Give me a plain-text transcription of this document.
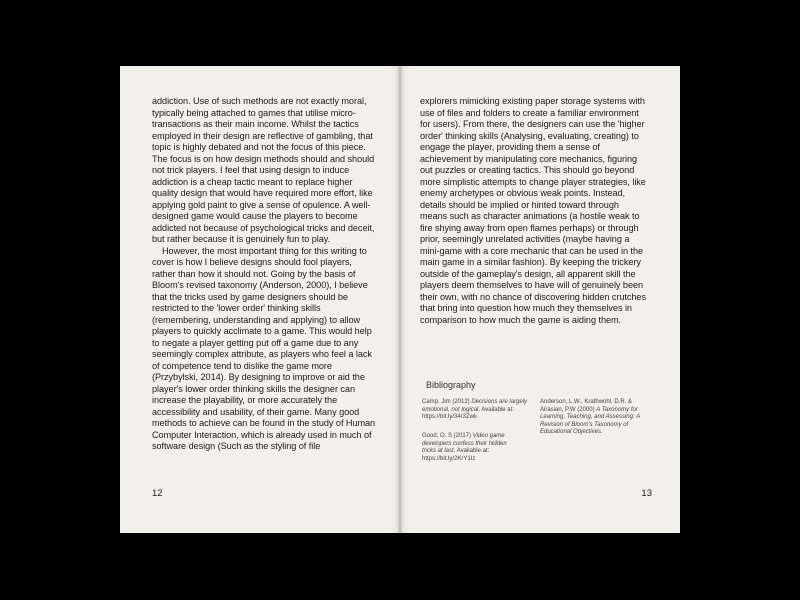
addiction. Use of such methods are not exactly moral, typically being attached to games that utilise micro-transactions as their main income. Whilst the tactics employed in their design are reflective of gambling, that topic is highly debated and not the focus of this piece. The focus is on how design methods should and should not trick players. I feel that using design to induce addiction is a cheap tactic meant to replace higher quality design that would have required more effort, like applying gold paint to give a sense of opulence. A well-designed game would cause the players to become addicted not because of psychological tricks and deceit, but rather because it is genuinely fun to play.

However, the most important thing for this writing to cover is how I believe designs should fool players, rather than how it should not. Going by the basis of Bloom's revised taxonomy (Anderson, 2000), I believe that the tricks used by game designers should be restricted to the 'lower order' thinking skills (remembering, understanding and applying) to allow players to quickly acclimate to a game. This would help to negate a player getting put off a game due to any seemingly complex attribute, as players who feel a lack of competence tend to dislike the game more (Przybylski, 2014). By designing to improve or aid the player's lower order thinking skills the designer can increase the playability, or more accurately the accessibility and usability, of their game. Many good methods to achieve can be found in the study of Human Computer Interaction, which is already used in much of software design (Such as the styling of file

12

explorers mimicking existing paper storage systems with use of files and folders to create a familiar environment for users). From there, the designers can use the 'higher order' thinking skills (Analysing, evaluating, creating) to engage the player, providing them a sense of achievement by manipulating core mechanics, figuring out puzzles or creating tactics. This should go beyond more simplistic attempts to change player strategies, like enemy archetypes or obvious weak points. Instead, details should be implied or hinted toward through means such as character animations (a hostile weak to fire shying away from open flames perhaps) or through prior, seemingly unrelated activities (maybe having a mini-game with a core mechanic that can be used in the main game in a similar fashion). By keeping the trickery outside of the gameplay's design, all apparent skill the players deem themselves to have will of genuinely been their own, with no chance of discovering hidden crutches that bring into question how much they themselves in comparison to how much the game is aiding them.

Bibliography
Camp, Jim (2012) Decisions are largely emotional, not logical. Available at: https://bit.ly/34r3Zwk
Good, O. S (2017) Video game developers confess their hidden tricks at last. Available at: https://bit.ly/2KrY1Iz
Anderson, L.W., Krathwohl, D.R. & Airasian, P.W (2000) A Taxonomy for Learning, Teaching, and Assessing: A Revision of Bloom's Taxonomy of Educational Objectives.
13
